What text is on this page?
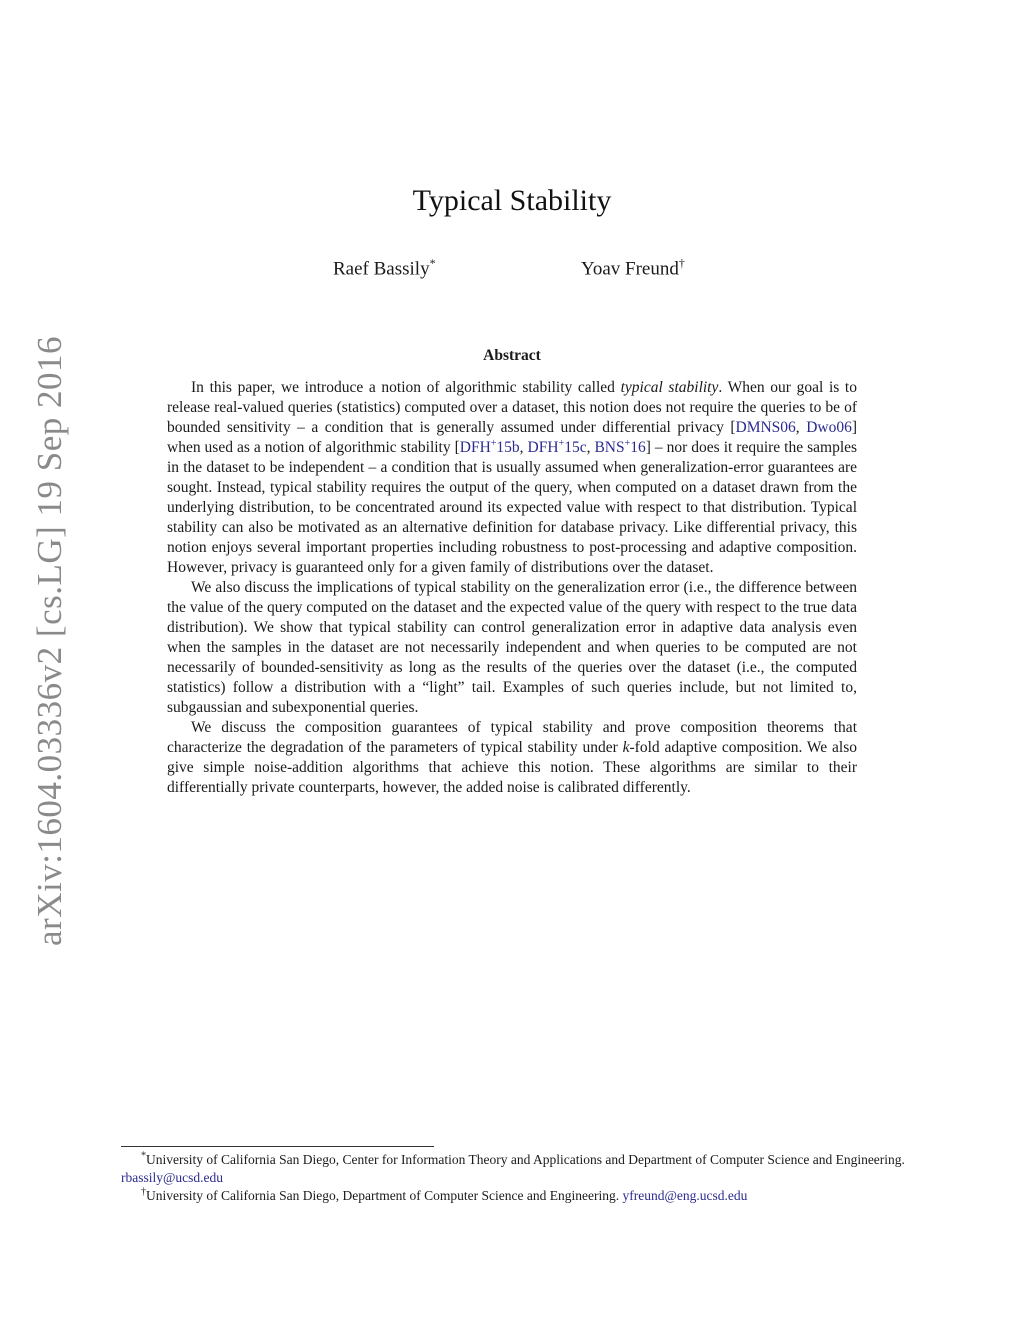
arXiv:1604.03336v2 [cs.LG] 19 Sep 2016
Typical Stability
Raef Bassily*	Yoav Freund†
Abstract

In this paper, we introduce a notion of algorithmic stability called typical stability. When our goal is to release real-valued queries (statistics) computed over a dataset, this notion does not require the queries to be of bounded sensitivity – a condition that is generally assumed under differential privacy [DMNS06, Dwo06] when used as a notion of algorithmic stability [DFH+15b, DFH+15c, BNS+16] – nor does it require the samples in the dataset to be independent – a condition that is usually assumed when generalization-error guarantees are sought. Instead, typical stability requires the output of the query, when computed on a dataset drawn from the underlying distribution, to be concentrated around its expected value with respect to that distribution. Typical stability can also be motivated as an alternative definition for database privacy. Like differential privacy, this notion enjoys several important properties including robustness to post-processing and adaptive composition. However, privacy is guaranteed only for a given family of distributions over the dataset.

We also discuss the implications of typical stability on the generalization error (i.e., the difference between the value of the query computed on the dataset and the expected value of the query with respect to the true data distribution). We show that typical stability can control generalization error in adaptive data analysis even when the samples in the dataset are not necessarily independent and when queries to be computed are not necessarily of bounded-sensitivity as long as the results of the queries over the dataset (i.e., the computed statistics) follow a distribution with a “light” tail. Examples of such queries include, but not limited to, subgaussian and subexponential queries.

We discuss the composition guarantees of typical stability and prove composition theorems that characterize the degradation of the parameters of typical stability under k-fold adaptive composition. We also give simple noise-addition algorithms that achieve this notion. These algorithms are similar to their differentially private counterparts, however, the added noise is calibrated differently.

*University of California San Diego, Center for Information Theory and Applications and Department of Computer Science and Engineering. rbassily@ucsd.edu

†University of California San Diego, Department of Computer Science and Engineering. yfreund@eng.ucsd.edu
